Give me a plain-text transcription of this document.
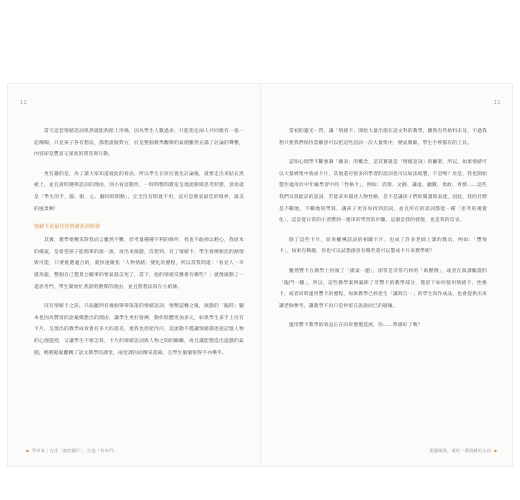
12

當天這套情緒語詞果然就能夠派上用場，因為學生人數過多，只能指定兩人共同擔有一張一起傳閱，只見孩子各有想法，都想說服對方，於是整個教學觀摩的氣圍雖然充滿了討論的聲響，內容卻是豐富又深度的問答與互動。

更有趣的是，為了讀大家知道彼此的看法，所以學生在原位置先討論後，就要走出來貼在黑板上，並且說明選擇語詞的理由，別小看這動作，一時間整間教室呈現流動與思考狀態，意思就是「學生的手、腦、眼、心、腳同時開動」，完全沒有閒置不用，這可是教室最佳的境界，最美的風景啊！

情緒卡是最佳的情緒語詞開發

其實，教學要精采對我而言雖然不難，但考量種種不利的條件，我也不敢掉以輕心，我原本的備案，是希望孩子能簡單的說一說，再出來演戲，沒想到，有了情緒卡，學生發揮無比的熱情與可能，只要挑選適合的，就快速聚焦「人物情緒」變化的歷程，所以當我問道：「看見人一早就馬龍，整個自己製景公關事的要氣鼓怎死了，當下，他的情緒反應會有哪些？」就像啟動了一道思考門，學生開始忙著說明選擇的理由，並且將想法寫在小紙條。

沒有情緒卡之前，只取聽到有幾個零零落落的情緒語詞，情勢認轉之後，演戲的「臨時」腳本也因為豐富的語彙微態出的理由，讓學生更好發揮，動作肢體更加多元，如果學生拿手上沒有卡片，呈現出的教學成效會有多大的落差，連我也捏把冷汗，這流動不僅讓情緒描述從記憶人物的心理遊授，又讓學生不要怎寫，卡片的情緒語詞與人物之間的關聯，再且讓能製造出遊戲的氣圍，輕輕鬆鬆翻轉了語文教學的課堂，兩堂課因而精采落幕，且學生個個很得不亦樂乎。

▪ 學享家｜在述「說的圖片」，打造「有米門」
11

當初的靈光一閃，讓「情緒卡」開始大量出現在語文科的教學，雖然有些始料未及，不過我想只要我們保持當願意可以把這些語詞一次大量集中，變成教師，學生手裡都有的工具。

認知心理學不斷強調「圖表」的概念，這其實就是「情緒語詞」的屬架，所以，如果情緒可以大量被集中收成卡片，其他還有很多的學習的語詞也可以如法炮製，不是嗎？於是，我也開始製作適用於中年級學習中的「性格卡」，例如：活潑、文靜、謙虛、聽數、勇敢、貪婪……這些我們耳熟能詳的語詞，若能拿來描述人物性格，是不是讓孩子們的閱讀與表達，因此，我的目標是不斷地，不斷地寫學寫，讓孩子更容易找到語詞，並且所有的語詞都能一種「思考的視覺化」，這是從日常的小習慣到一連串的學習的步驟。這個是我的發現，也是我的反省。

除了這些卡片，原來輔導語詞的相關卡片，也成了許多老師上課的教具，例如：「豐情卡」，如果有興趣，你也可以試想創意有哪些還可以製成卡片來教學呢？

雖然豐卡在教學上扮演了「備案一題」，卻常是非常巧妙的「助燃劑」，或者在演課驗證的「臨門一腳」，所以，這些教學案例漏除了非豐卡的教學部分，僅留下如何使用情緒卡、性格卡，或者同時運用豐卡的歷程，如果教學已經產生「讓寫自一」的學生寫作成品，也會提供出來讓老師參考，讓教學不再只是停留在說說而已的層級。

運用豐卡教學的效益正在向你慢慢延展，你……準備好了嗎？

閱讀眼界，運好一筆情緒的正向 ▪
